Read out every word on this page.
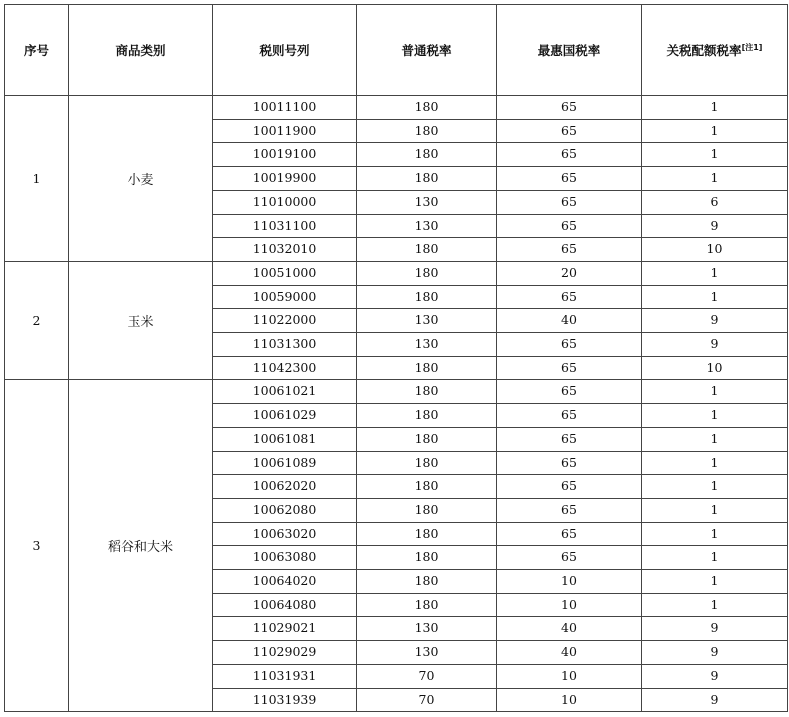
序号	商品类别	税则号列	普通税率	最惠国税率	关税配额税率[注1]
1	小麦	10011100	180	65	1
		10011900	180	65	1
		10019100	180	65	1
		10019900	180	65	1
		11010000	130	65	6
		11031100	130	65	9
		11032010	180	65	10
2	玉米	10051000	180	20	1
		10059000	180	65	1
		11022000	130	40	9
		11031300	130	65	9
		11042300	180	65	10
3	稻谷和大米	10061021	180	65	1
		10061029	180	65	1
		10061081	180	65	1
		10061089	180	65	1
		10062020	180	65	1
		10062080	180	65	1
		10063020	180	65	1
		10063080	180	65	1
		10064020	180	10	1
		10064080	180	10	1
		11029021	130	40	9
		11029029	130	40	9
		11031931	70	10	9
		11031939	70	10	9
